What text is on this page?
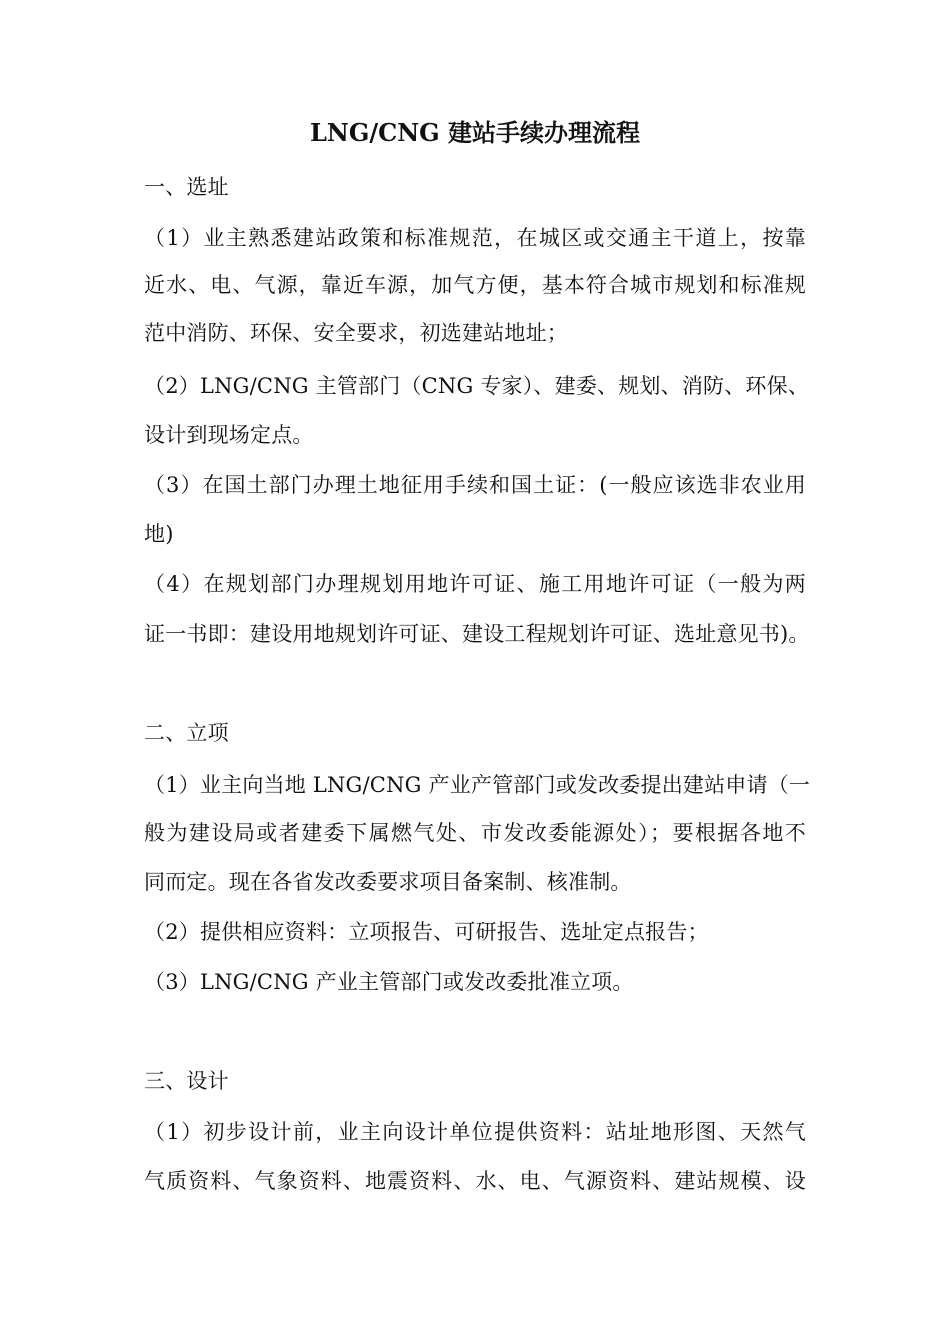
LNG/CNG 建站手续办理流程
一、选址
（1）业主熟悉建站政策和标准规范，在城区或交通主干道上，按靠
近水、电、气源，靠近车源，加气方便，基本符合城市规划和标准规
范中消防、环保、安全要求，初选建站地址；
（2）LNG/CNG 主管部门（CNG 专家）、建委、规划、消防、环保、
设计到现场定点。
（3）在国土部门办理土地征用手续和国土证：(一般应该选非农业用
地)
（4）在规划部门办理规划用地许可证、施工用地许可证（一般为两
证一书即：建设用地规划许可证、建设工程规划许可证、选址意见书)。
二、立项
（1）业主向当地 LNG/CNG 产业产管部门或发改委提出建站申请（一
般为建设局或者建委下属燃气处、市发改委能源处）；要根据各地不
同而定。现在各省发改委要求项目备案制、核准制。
（2）提供相应资料：立项报告、可研报告、选址定点报告；
（3）LNG/CNG 产业主管部门或发改委批准立项。
三、设计
（1）初步设计前，业主向设计单位提供资料：站址地形图、天然气
气质资料、气象资料、地震资料、水、电、气源资料、建站规模、设
